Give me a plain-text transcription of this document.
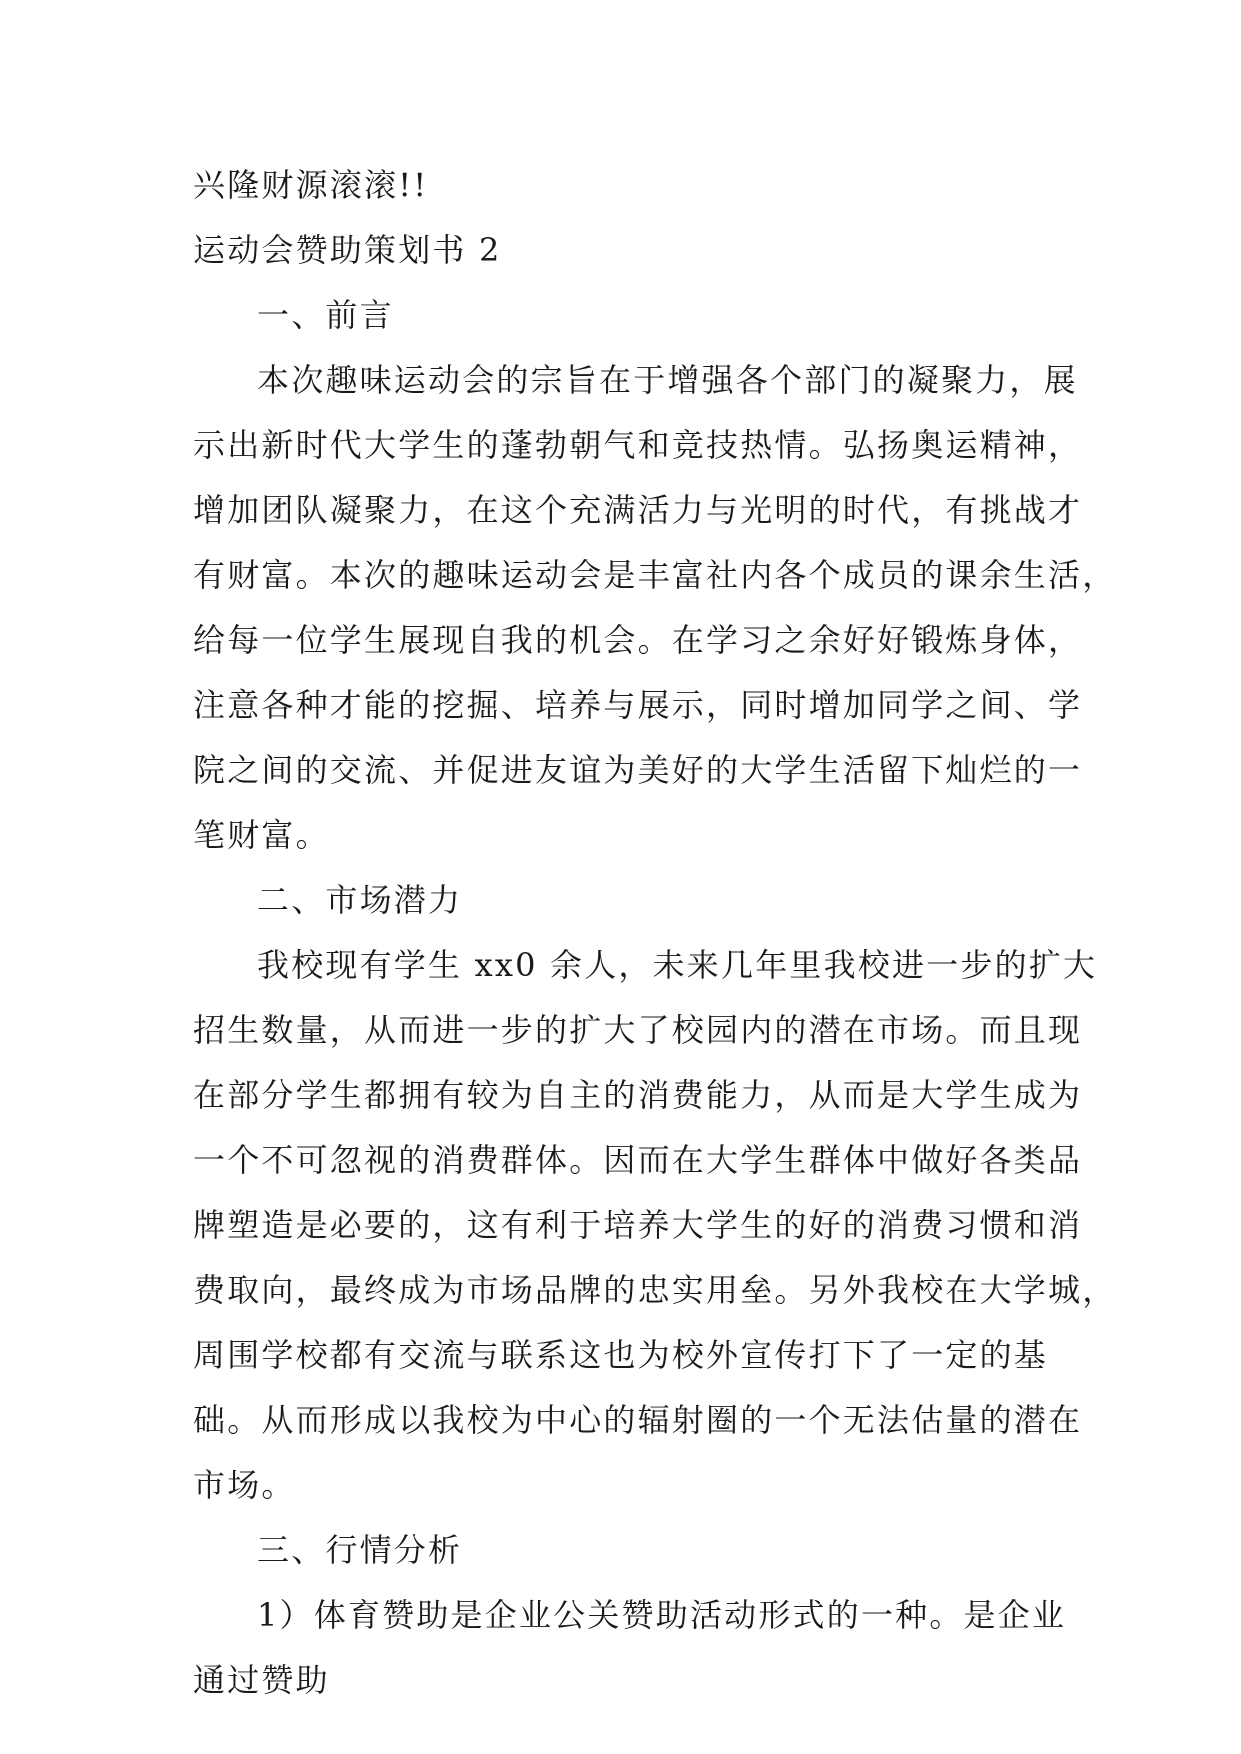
兴隆财源滚滚!!
运动会赞助策划书 2
一、前言
本次趣味运动会的宗旨在于增强各个部门的凝聚力，展
示出新时代大学生的蓬勃朝气和竞技热情。弘扬奥运精神，
增加团队凝聚力，在这个充满活力与光明的时代，有挑战才
有财富。本次的趣味运动会是丰富社内各个成员的课余生活，
给每一位学生展现自我的机会。在学习之余好好锻炼身体，
注意各种才能的挖掘、培养与展示，同时增加同学之间、学
院之间的交流、并促进友谊为美好的大学生活留下灿烂的一
笔财富。
二、市场潜力
我校现有学生 xx0 余人，未来几年里我校进一步的扩大
招生数量，从而进一步的扩大了校园内的潜在市场。而且现
在部分学生都拥有较为自主的消费能力，从而是大学生成为
一个不可忽视的消费群体。因而在大学生群体中做好各类品
牌塑造是必要的，这有利于培养大学生的好的消费习惯和消
费取向，最终成为市场品牌的忠实用垒。另外我校在大学城，
周围学校都有交流与联系这也为校外宣传打下了一定的基
础。从而形成以我校为中心的辐射圈的一个无法估量的潜在
市场。
三、行情分析
1）体育赞助是企业公关赞助活动形式的一种。是企业
通过赞助
